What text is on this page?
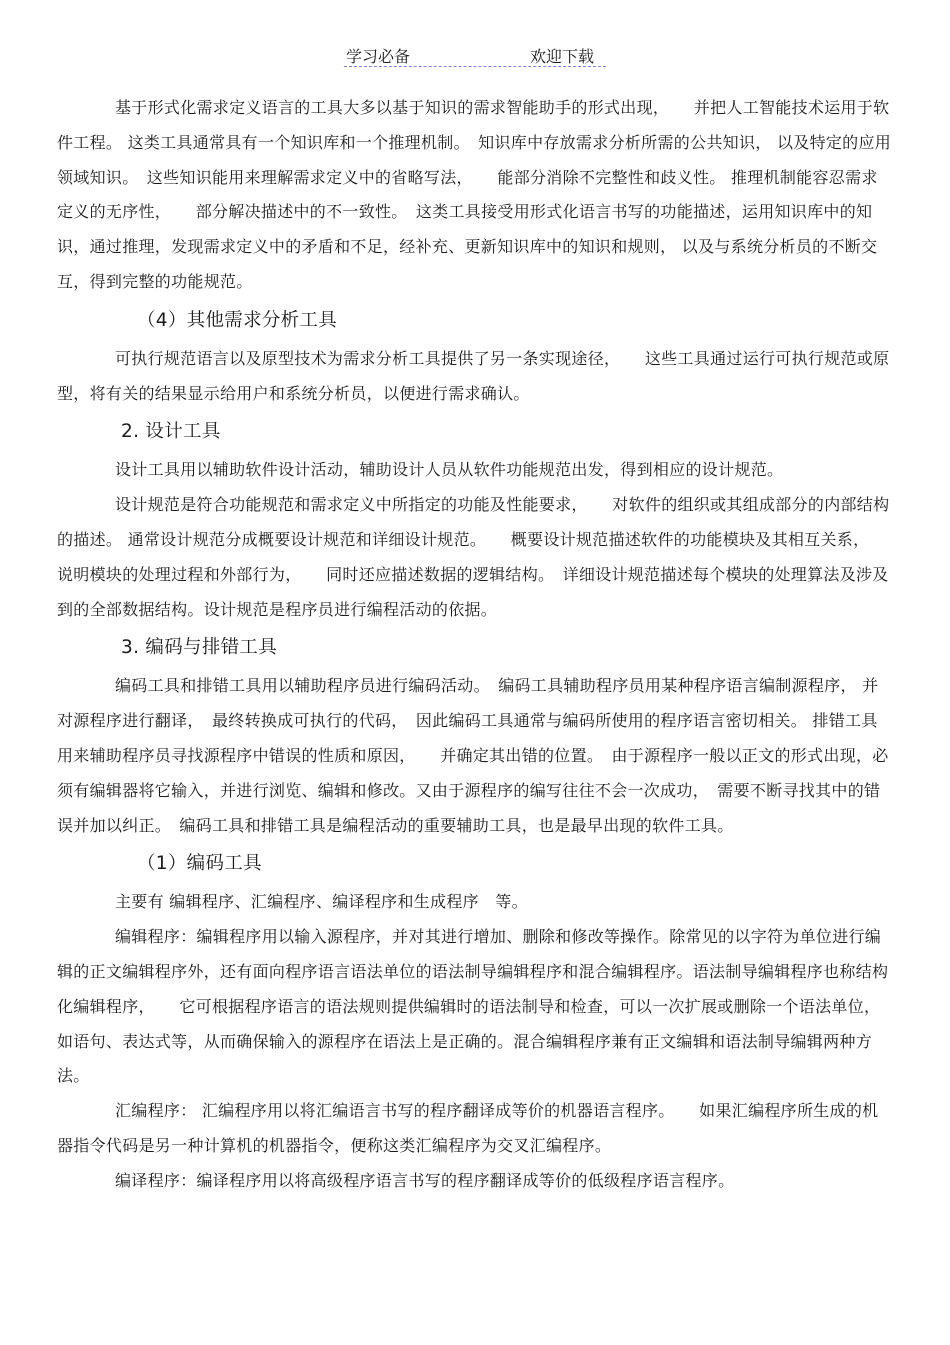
学习必备	欢迎下载

基于形式化需求定义语言的工具大多以基于知识的需求智能助手的形式出现，　　并把人工智能技术运用于软件工程。 这类工具通常具有一个知识库和一个推理机制。　知识库中存放需求分析所需的公共知识， 以及特定的应用领域知识。　这些知识能用来理解需求定义中的省略写法，　　能部分消除不完整性和歧义性。 推理机制能容忍需求定义的无序性，　　部分解决描述中的不一致性。　这类工具接受用形式化语言书写的功能描述，运用知识库中的知识，通过推理，发现需求定义中的矛盾和不足，经补充、更新知识库中的知识和规则， 以及与系统分析员的不断交互，得到完整的功能规范。

（4）其他需求分析工具

可执行规范语言以及原型技术为需求分析工具提供了另一条实现途径，　　这些工具通过运行可执行规范或原型，将有关的结果显示给用户和系统分析员，以便进行需求确认。

2. 设计工具

设计工具用以辅助软件设计活动，辅助设计人员从软件功能规范出发，得到相应的设计规范。

设计规范是符合功能规范和需求定义中所指定的功能及性能要求，　　对软件的组织或其组成部分的内部结构的描述。 通常设计规范分成概要设计规范和详细设计规范。　　概要设计规范描述软件的功能模块及其相互关系，　说明模块的处理过程和外部行为，　　同时还应描述数据的逻辑结构。　详细设计规范描述每个模块的处理算法及涉及到的全部数据结构。设计规范是程序员进行编程活动的依据。

3. 编码与排错工具

编码工具和排错工具用以辅助程序员进行编码活动。　编码工具辅助程序员用某种程序语言编制源程序， 并对源程序进行翻译，　最终转换成可执行的代码，　因此编码工具通常与编码所使用的程序语言密切相关。 排错工具用来辅助程序员寻找源程序中错误的性质和原因，　　并确定其出错的位置。　由于源程序一般以正文的形式出现，必须有编辑器将它输入，并进行浏览、编辑和修改。又由于源程序的编写往往不会一次成功，　需要不断寻找其中的错误并加以纠正。　编码工具和排错工具是编程活动的重要辅助工具，也是最早出现的软件工具。

（1）编码工具

主要有 编辑程序、汇编程序、编译程序和生成程序　等。

编辑程序：编辑程序用以输入源程序，并对其进行增加、删除和修改等操作。除常见的以字符为单位进行编辑的正文编辑程序外，还有面向程序语言语法单位的语法制导编辑程序和混合编辑程序。语法制导编辑程序也称结构化编辑程序，　　它可根据程序语言的语法规则提供编辑时的语法制导和检查，可以一次扩展或删除一个语法单位，如语句、表达式等，从而确保输入的源程序在语法上是正确的。混合编辑程序兼有正文编辑和语法制导编辑两种方法。

汇编程序： 汇编程序用以将汇编语言书写的程序翻译成等价的机器语言程序。　　如果汇编程序所生成的机器指令代码是另一种计算机的机器指令，便称这类汇编程序为交叉汇编程序。

编译程序：编译程序用以将高级程序语言书写的程序翻译成等价的低级程序语言程序。
